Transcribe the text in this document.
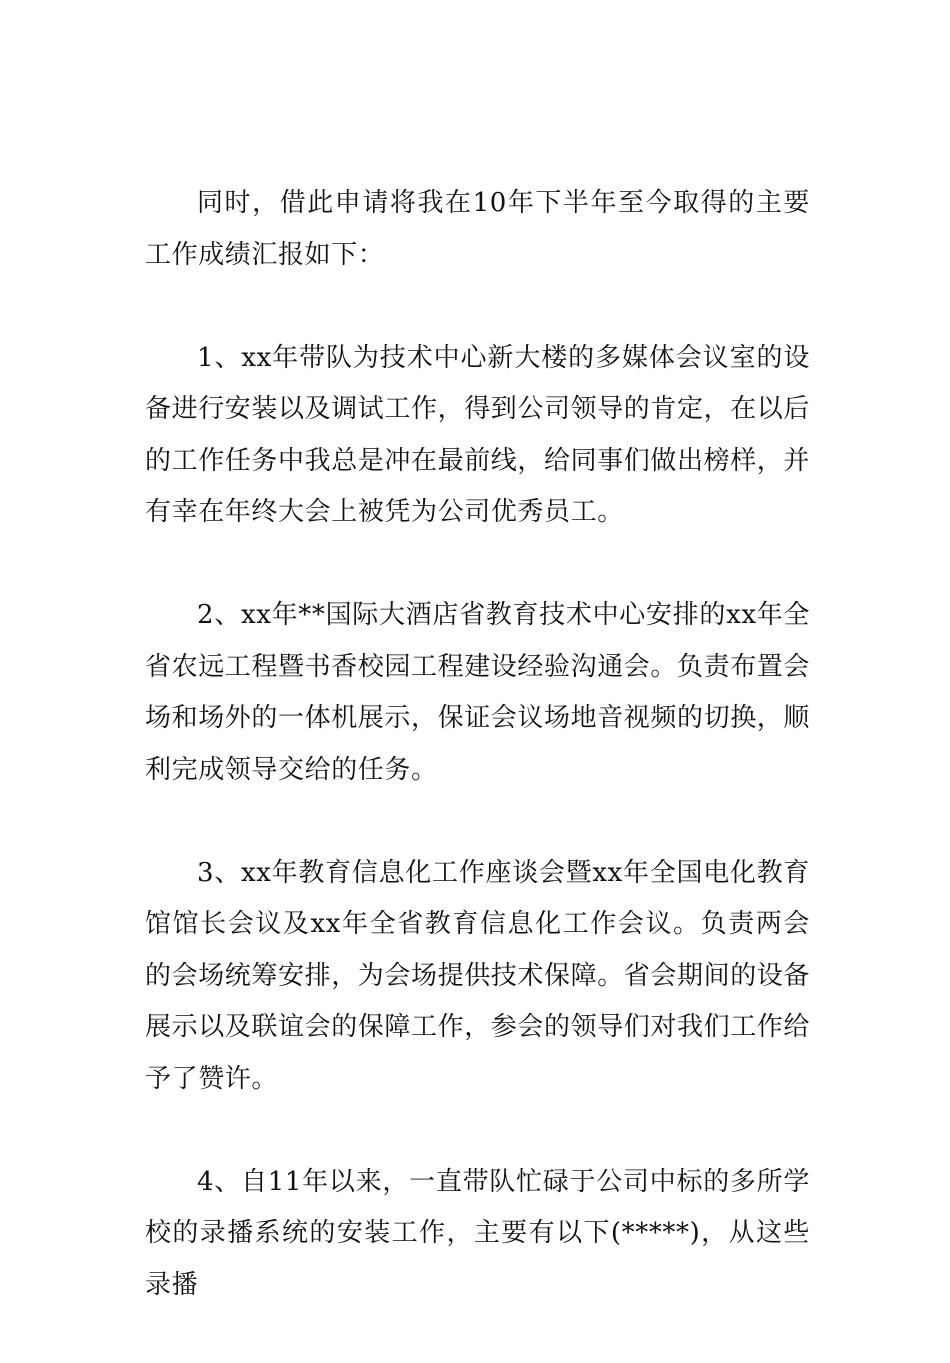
同时，借此申请将我在10年下半年至今取得的主要工作成绩汇报如下：

1、xx年带队为技术中心新大楼的多媒体会议室的设备进行安装以及调试工作，得到公司领导的肯定，在以后的工作任务中我总是冲在最前线，给同事们做出榜样，并有幸在年终大会上被凭为公司优秀员工。

2、xx年**国际大酒店省教育技术中心安排的xx年全省农远工程暨书香校园工程建设经验沟通会。负责布置会场和场外的一体机展示，保证会议场地音视频的切换，顺利完成领导交给的任务。

3、xx年教育信息化工作座谈会暨xx年全国电化教育馆馆长会议及xx年全省教育信息化工作会议。负责两会的会场统筹安排，为会场提供技术保障。省会期间的设备展示以及联谊会的保障工作，参会的领导们对我们工作给予了赞许。

4、自11年以来，一直带队忙碌于公司中标的多所学校的录播系统的安装工作，主要有以下(*****)，从这些录播
